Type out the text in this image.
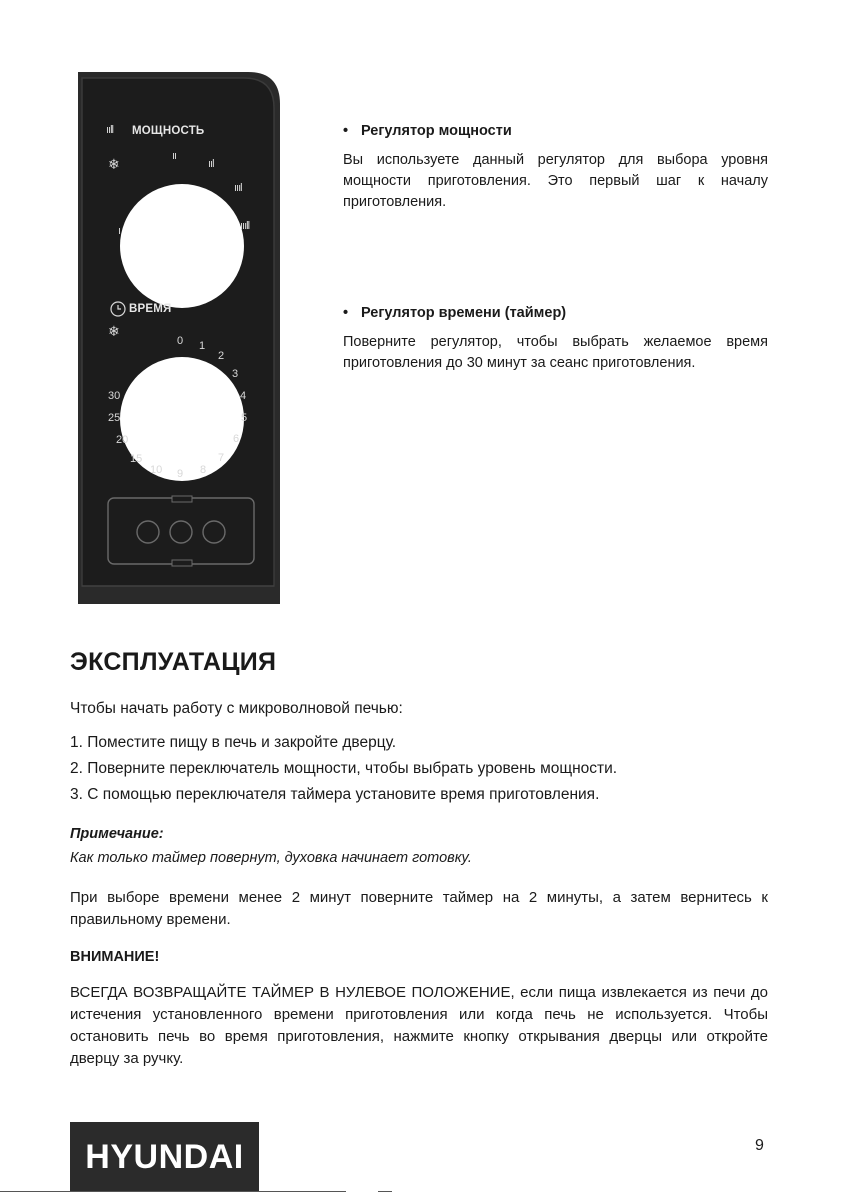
ııll МОЩНОСТЬ
❄	ıı
ııl
ıııl
ıııll
ı
ВРЕМЯ
❄
0 1
2
3
4
5
6
7
8
9
10
15
20
25
30
• Регулятор мощности
Вы используете данный регулятор для выбора уровня мощности приготовления. Это первый шаг к началу приготовления.
• Регулятор времени (таймер)
Поверните регулятор, чтобы выбрать желаемое время приготовления до 30 минут за сеанс приготовления.
ЭКСПЛУАТАЦИЯ
Чтобы начать работу с микроволновой печью:
1. Поместите пищу в печь и закройте дверцу.
2. Поверните переключатель мощности, чтобы выбрать уровень мощности.
3. С помощью переключателя таймера установите время приготовления.
Примечание:
Как только таймер повернут, духовка начинает готовку.
При выборе времени менее 2 минут поверните таймер на 2 минуты, а затем вернитесь к правильному времени.
ВНИМАНИЕ!
ВСЕГДА ВОЗВРАЩАЙТЕ ТАЙМЕР В НУЛЕВОЕ ПОЛОЖЕНИЕ, если пища извлекается из печи до истечения установленного времени приготовления или когда печь не используется. Чтобы остановить печь во время приготовления, нажмите кнопку открывания дверцы или откройте дверцу за ручку.
HYUNDAI	9
